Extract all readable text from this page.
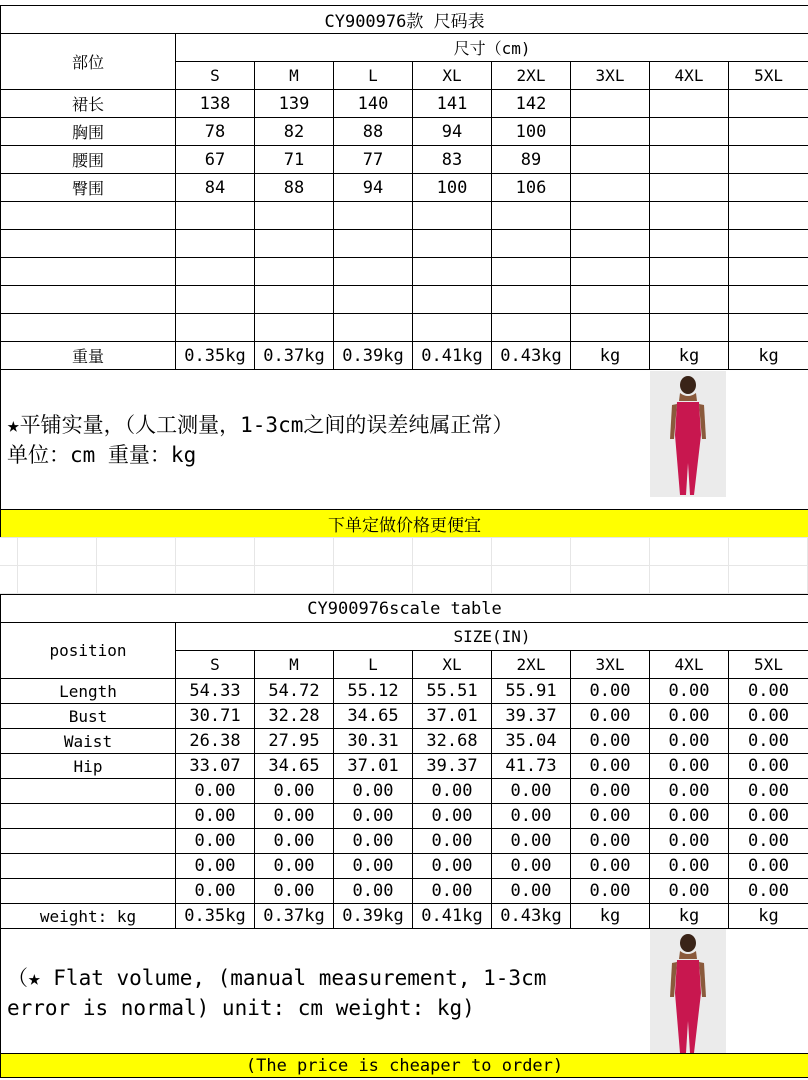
CY900976款 尺码表								
部位	尺寸（cm)							
	S	M	L	XL	2XL	3XL	4XL	5XL
裙长	138	139	140	141	142			
胸围	78	82	88	94	100			
腰围	67	71	77	83	89			
臀围	84	88	94	100	106			

重量	0.35kg	0.37kg	0.39kg	0.41kg	0.43kg	kg	kg	kg

★平铺实量，（人工测量，1-3cm之间的误差纯属正常）
单位：cm 重量：kg								

下单定做价格更便宜								
CY900976scale table								
position	SIZE(IN)							
	S	M	L	XL	2XL	3XL	4XL	5XL
Length	54.33	54.72	55.12	55.51	55.91	0.00	0.00	0.00
Bust	30.71	32.28	34.65	37.01	39.37	0.00	0.00	0.00
Waist	26.38	27.95	30.31	32.68	35.04	0.00	0.00	0.00
Hip	33.07	34.65	37.01	39.37	41.73	0.00	0.00	0.00
	0.00	0.00	0.00	0.00	0.00	0.00	0.00	0.00
	0.00	0.00	0.00	0.00	0.00	0.00	0.00	0.00
	0.00	0.00	0.00	0.00	0.00	0.00	0.00	0.00
	0.00	0.00	0.00	0.00	0.00	0.00	0.00	0.00
	0.00	0.00	0.00	0.00	0.00	0.00	0.00	0.00
weight: kg	0.35kg	0.37kg	0.39kg	0.41kg	0.43kg	kg	kg	kg

（★ Flat volume, (manual measurement, 1-3cm
error is normal) unit: cm weight: kg)								

(The price is cheaper to order)								
